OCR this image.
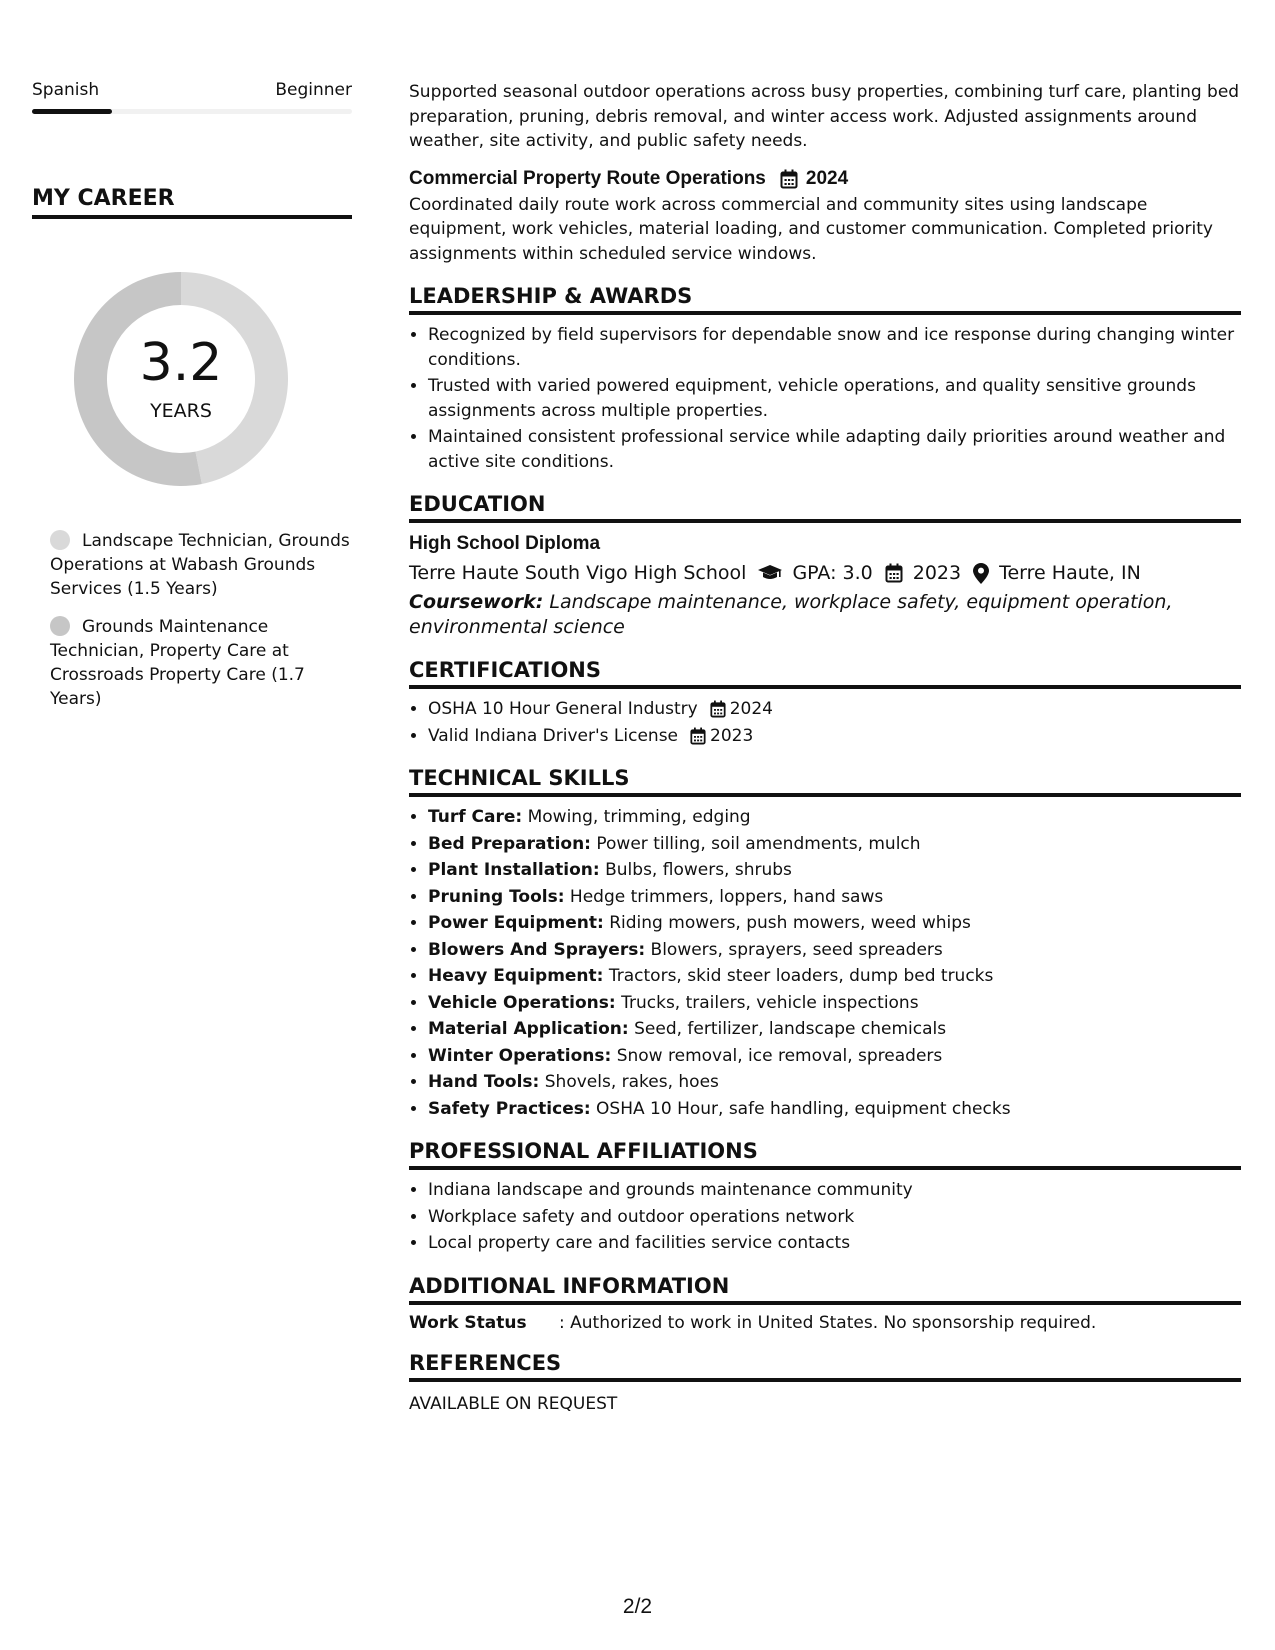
Spanish	Beginner
MY CAREER
3.2
YEARS
Landscape Technician, Grounds Operations at Wabash Grounds Services (1.5 Years)
Grounds Maintenance Technician, Property Care at Crossroads Property Care (1.7 Years)

Supported seasonal outdoor operations across busy properties, combining turf care, planting bed preparation, pruning, debris removal, and winter access work. Adjusted assignments around weather, site activity, and public safety needs.

Commercial Property Route Operations 2024

Coordinated daily route work across commercial and community sites using landscape equipment, work vehicles, material loading, and customer communication. Completed priority assignments within scheduled service windows.

LEADERSHIP & AWARDS
• Recognized by field supervisors for dependable snow and ice response during changing winter conditions.
• Trusted with varied powered equipment, vehicle operations, and quality sensitive grounds assignments across multiple properties.
• Maintained consistent professional service while adapting daily priorities around weather and active site conditions.
EDUCATION
High School Diploma
Terre Haute South Vigo High School GPA: 3.0 2023 Terre Haute, IN
Coursework: Landscape maintenance, workplace safety, equipment operation, environmental science
CERTIFICATIONS
• OSHA 10 Hour General Industry 2024
• Valid Indiana Driver's License 2023
TECHNICAL SKILLS
• Turf Care: Mowing, trimming, edging
• Bed Preparation: Power tilling, soil amendments, mulch
• Plant Installation: Bulbs, flowers, shrubs
• Pruning Tools: Hedge trimmers, loppers, hand saws
• Power Equipment: Riding mowers, push mowers, weed whips
• Blowers And Sprayers: Blowers, sprayers, seed spreaders
• Heavy Equipment: Tractors, skid steer loaders, dump bed trucks
• Vehicle Operations: Trucks, trailers, vehicle inspections
• Material Application: Seed, fertilizer, landscape chemicals
• Winter Operations: Snow removal, ice removal, spreaders
• Hand Tools: Shovels, rakes, hoes
• Safety Practices: OSHA 10 Hour, safe handling, equipment checks
PROFESSIONAL AFFILIATIONS
• Indiana landscape and grounds maintenance community
• Workplace safety and outdoor operations network
• Local property care and facilities service contacts
ADDITIONAL INFORMATION
Work Status	: Authorized to work in United States. No sponsorship required.
REFERENCES
AVAILABLE ON REQUEST
2/2
